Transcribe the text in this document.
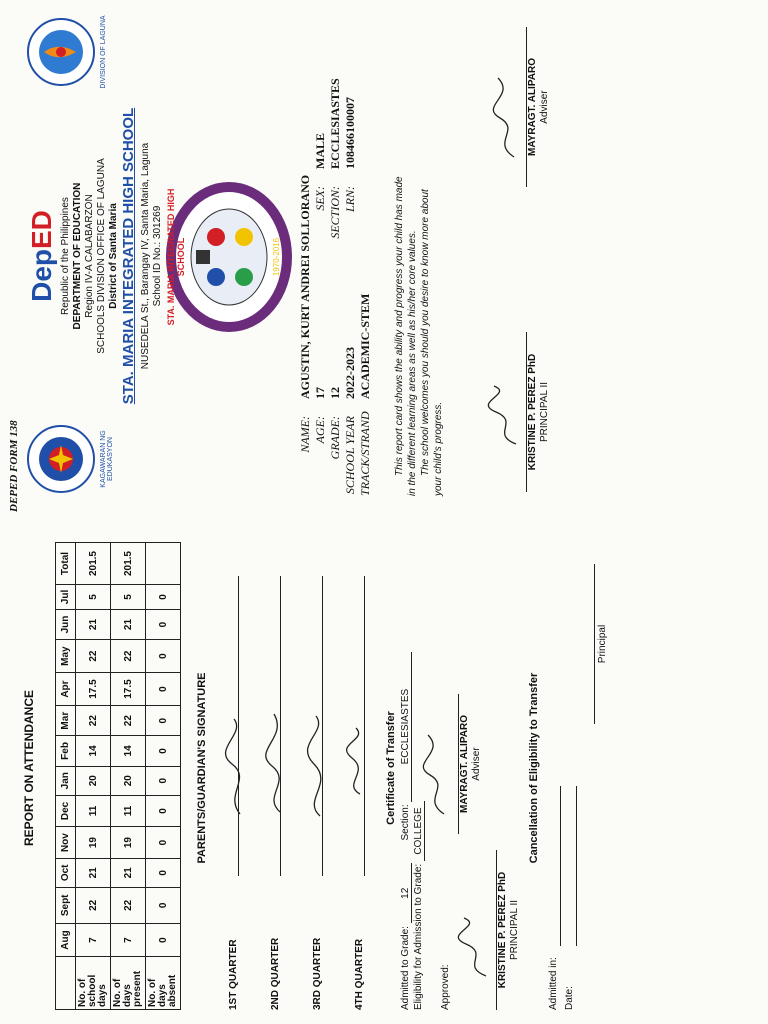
REPORT ON ATTENDANCE
	Aug	Sept	Oct	Nov	Dec	Jan	Feb	Mar	Apr	May	Jun	Jul	Total
No. of school days	7	22	21	19	11	20	14	22	17.5	22	21	5	201.5
No. of days present	7	22	21	19	11	20	14	22	17.5	22	21	5	201.5
No. of days absent	0	0	0	0	0	0	0	0	0	0	0	0	
PARENTS/GUARDIAN'S SIGNATURE
1ST QUARTER	2ND QUARTER	3RD QUARTER	4TH QUARTER
Certificate of Transfer
Admitted to Grade: 12 Section: ECCLESIASTES
Eligibility for Admission to Grade: COLLEGE
Approved:
MAYRAGT. ALIPARO Adviser
KRISTINE P. PEREZ PhD PRINCIPAL II
Cancellation of Eligibility to Transfer
Admitted in: Date:
Principal
DEPED FORM 138	KAGAWARAN NG EDUKASYON
DIVISION OF LAGUNA
DepED Republic of the Philippines DEPARTMENT OF EDUCATION Region IV-A CALABARZON SCHOOLS DIVISION OFFICE OF LAGUNA District of Santa Maria STA. MARIA INTEGRATED HIGH SCHOOL NUSEDELA St., Barangay IV, Santa Maria, Laguna School ID No.: 301269 STA. MARIA INTEGRATED HIGH SCHOOL	1970-2016
NAME: AGUSTIN, KURT ANDREI SOLLORANO
AGE: 17 SEX: MALE
GRADE: 12 SECTION: ECCLESIASTES
SCHOOL YEAR 2022-2023 LRN: 108466100007
TRACK/STRAND ACADEMIC-STEM This report card shows the ability and progress your child has made in the different learning areas as well as his/her core values. The school welcomes you should you desire to know more about your child's progress.	KRISTINE P. PEREZ PhD PRINCIPAL II
MAYRAGT. ALIPARO Adviser
